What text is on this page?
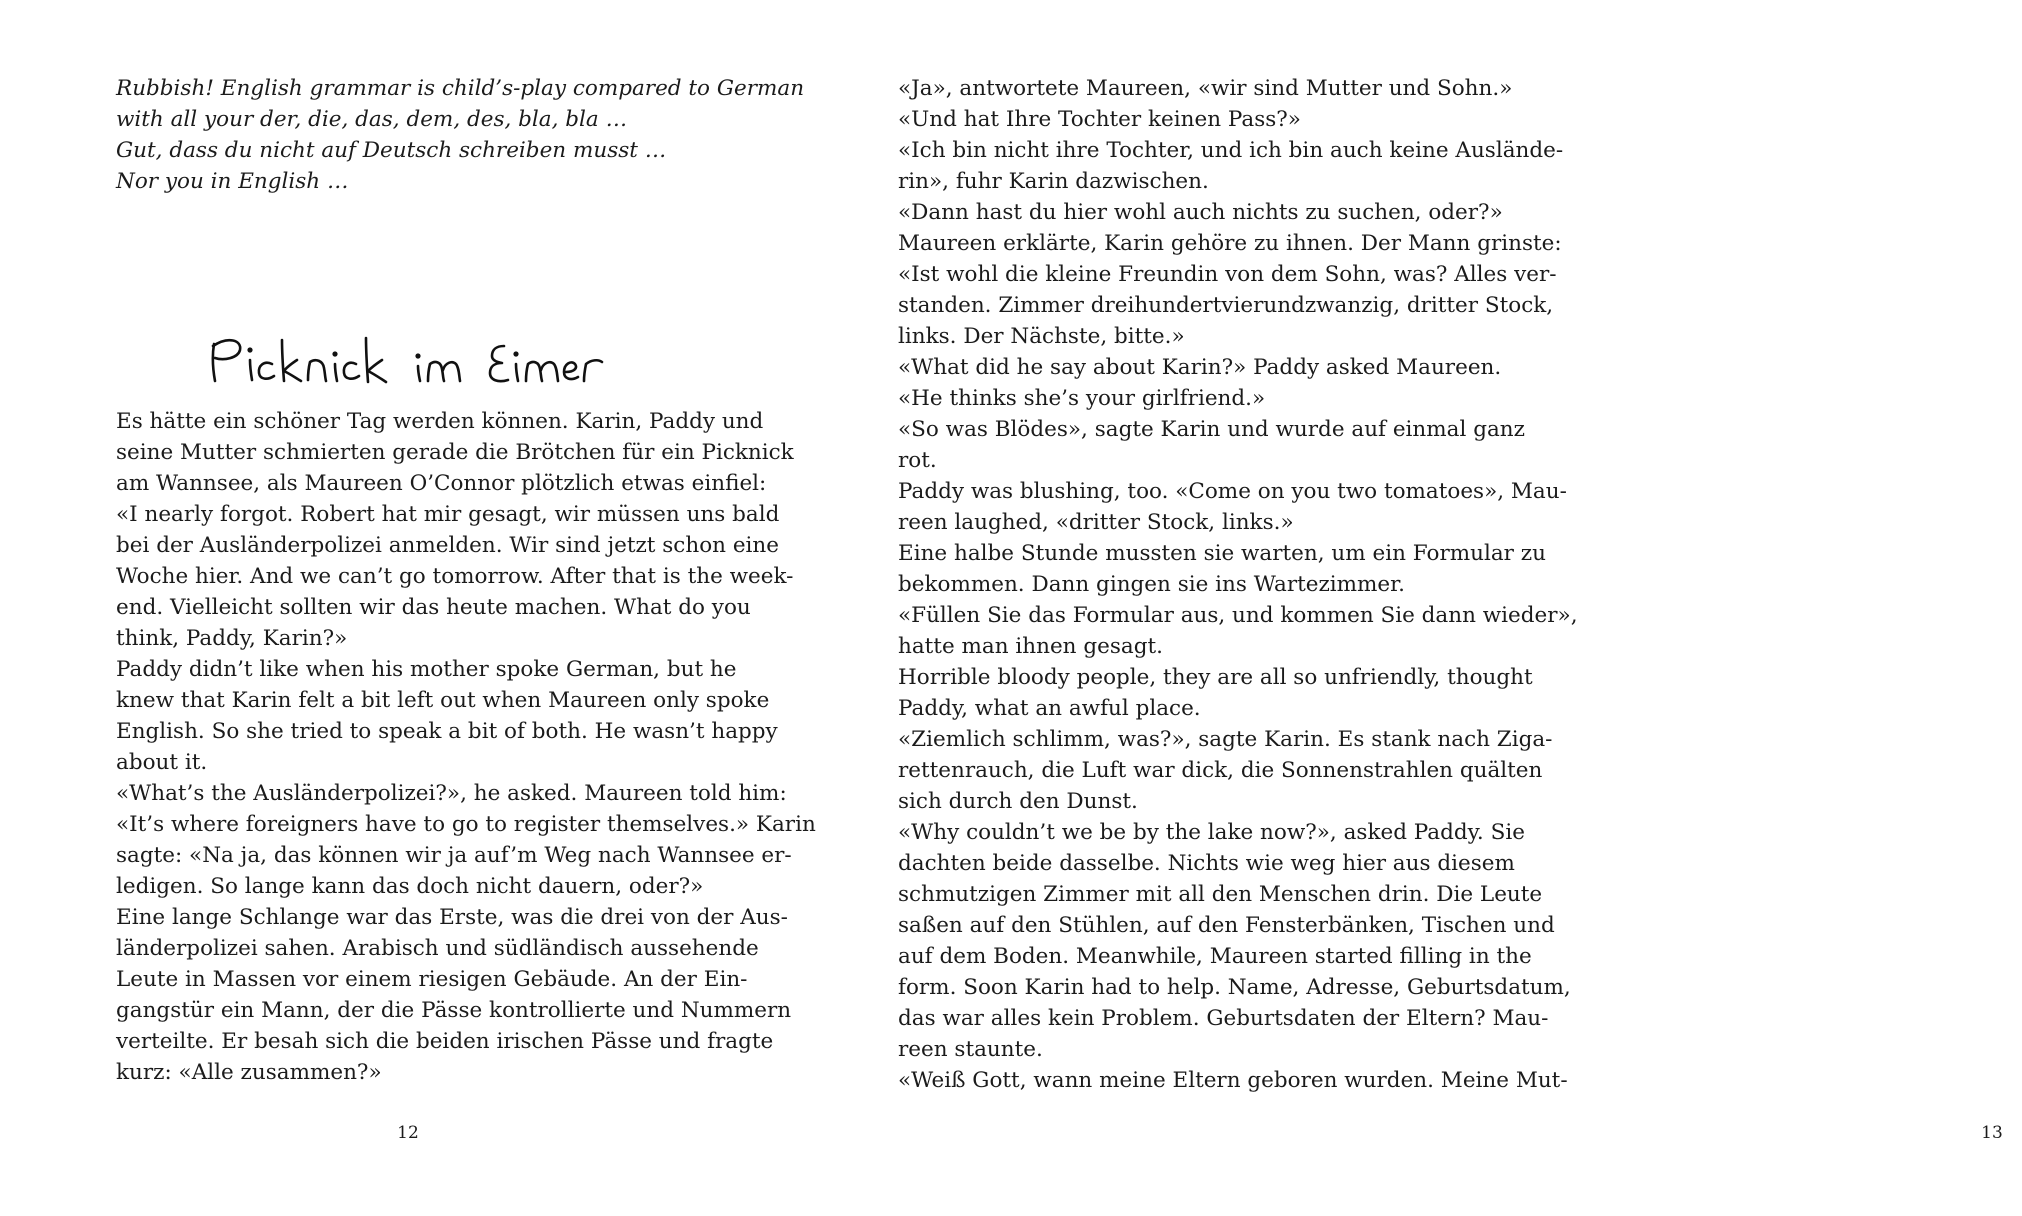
Rubbish! English grammar is child’s-play compared to German
with all your der, die, das, dem, des, bla, bla …
Gut, dass du nicht auf Deutsch schreiben musst …
Nor you in English …
Es hätte ein schöner Tag werden können. Karin, Paddy und
seine Mutter schmierten gerade die Brötchen für ein Picknick
am Wannsee, als Maureen O’Connor plötzlich etwas einfiel:
«I nearly forgot. Robert hat mir gesagt, wir müssen uns bald
bei der Ausländerpolizei anmelden. Wir sind jetzt schon eine
Woche hier. And we can’t go tomorrow. After that is the week-
end. Vielleicht sollten wir das heute machen. What do you
think, Paddy, Karin?»
Paddy didn’t like when his mother spoke German, but he
knew that Karin felt a bit left out when Maureen only spoke
English. So she tried to speak a bit of both. He wasn’t happy
about it.
«What’s the Ausländerpolizei?», he asked. Maureen told him:
«It’s where foreigners have to go to register themselves.» Karin
sagte: «Na ja, das können wir ja auf’m Weg nach Wannsee er-
ledigen. So lange kann das doch nicht dauern, oder?»
Eine lange Schlange war das Erste, was die drei von der Aus-
länderpolizei sahen. Arabisch und südländisch aussehende
Leute in Massen vor einem riesigen Gebäude. An der Ein-
gangstür ein Mann, der die Pässe kontrollierte und Nummern
verteilte. Er besah sich die beiden irischen Pässe und fragte
kurz: «Alle zusammen?»
12	13
«Ja», antwortete Maureen, «wir sind Mutter und Sohn.»
«Und hat Ihre Tochter keinen Pass?»
«Ich bin nicht ihre Tochter, und ich bin auch keine Auslände-
rin», fuhr Karin dazwischen.
«Dann hast du hier wohl auch nichts zu suchen, oder?»
Maureen erklärte, Karin gehöre zu ihnen. Der Mann grinste:
«Ist wohl die kleine Freundin von dem Sohn, was? Alles ver-
standen. Zimmer dreihundertvierundzwanzig, dritter Stock,
links. Der Nächste, bitte.»
«What did he say about Karin?» Paddy asked Maureen.
«He thinks she’s your girlfriend.»
«So was Blödes», sagte Karin und wurde auf einmal ganz
rot.
Paddy was blushing, too. «Come on you two tomatoes», Mau-
reen laughed, «dritter Stock, links.»
Eine halbe Stunde mussten sie warten, um ein Formular zu
bekommen. Dann gingen sie ins Wartezimmer.
«Füllen Sie das Formular aus, und kommen Sie dann wieder»,
hatte man ihnen gesagt.
Horrible bloody people, they are all so unfriendly, thought
Paddy, what an awful place.
«Ziemlich schlimm, was?», sagte Karin. Es stank nach Ziga-
rettenrauch, die Luft war dick, die Sonnenstrahlen quälten
sich durch den Dunst.
«Why couldn’t we be by the lake now?», asked Paddy. Sie
dachten beide dasselbe. Nichts wie weg hier aus diesem
schmutzigen Zimmer mit all den Menschen drin. Die Leute
saßen auf den Stühlen, auf den Fensterbänken, Tischen und
auf dem Boden. Meanwhile, Maureen started filling in the
form. Soon Karin had to help. Name, Adresse, Geburtsdatum,
das war alles kein Problem. Geburtsdaten der Eltern? Mau-
reen staunte.
«Weiß Gott, wann meine Eltern geboren wurden. Meine Mut-
